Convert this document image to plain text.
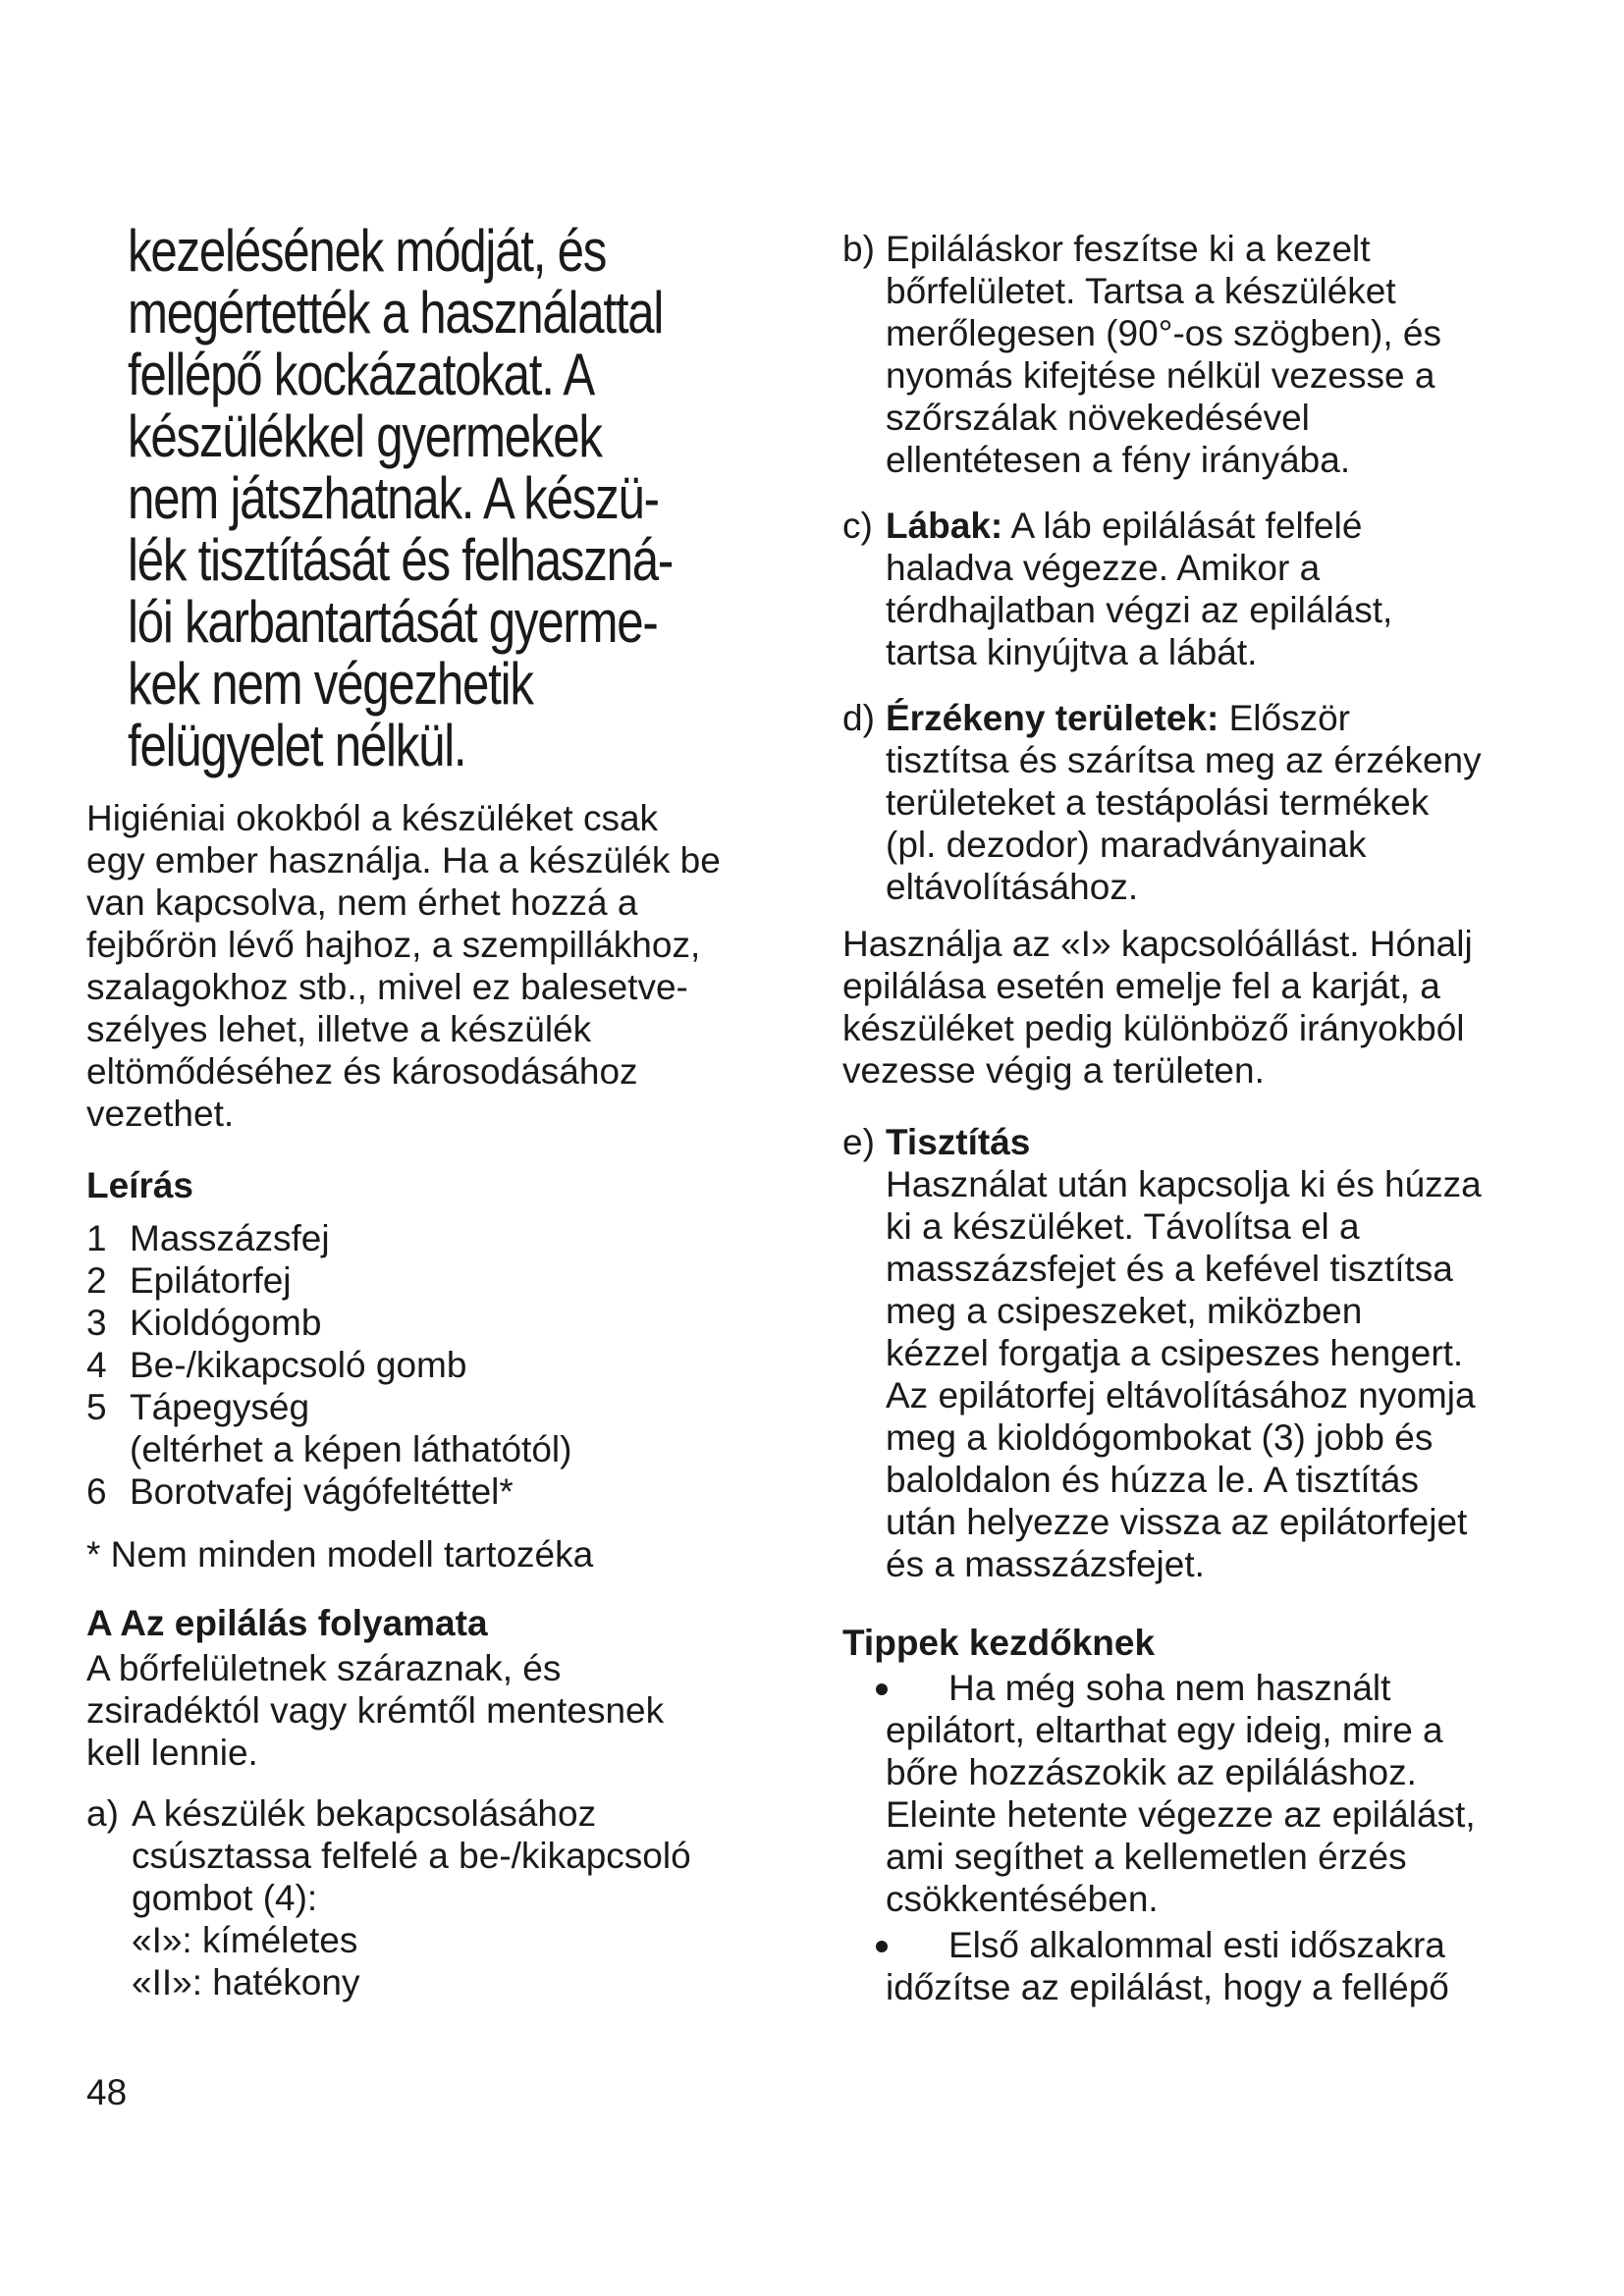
kezelésének módját, és
megértették a használattal
fellépő kockázatokat. A
készülékkel gyermekek
nem játszhatnak. A készü-
lék tisztítását és felhaszná-
lói karbantartását gyerme-
kek nem végezhetik
felügyelet nélkül.
Higiéniai okokból a készüléket csak
egy ember használja. Ha a készülék be
van kapcsolva, nem érhet hozzá a
fejbőrön lévő hajhoz, a szempillákhoz,
szalagokhoz stb., mivel ez balesetve-
szélyes lehet, illetve a készülék
eltömődéséhez és károsodásához
vezethet.
Leírás
1 Masszázsfej
2 Epilátorfej
3 Kioldógomb
4 Be-/kikapcsoló gomb
5 Tápegység
(eltérhet a képen láthatótól)
6 Borotvafej vágófeltéttel*
* Nem minden modell tartozéka
A Az epilálás folyamata
A bőrfelületnek száraznak, és
zsiradéktól vagy krémtől mentesnek
kell lennie.
a) A készülék bekapcsolásához
csúsztassa felfelé a be-/kikapcsoló
gombot (4):
«I»: kíméletes
«II»: hatékony
48
b) Epiláláskor feszítse ki a kezelt
bőrfelületet. Tartsa a készüléket
merőlegesen (90°-os szögben), és
nyomás kifejtése nélkül vezesse a
szőrszálak növekedésével
ellentétesen a fény irányába.
c) Lábak: A láb epilálását felfelé
haladva végezze. Amikor a
térdhajlatban végzi az epilálást,
tartsa kinyújtva a lábát.
d) Érzékeny területek: Először
tisztítsa és szárítsa meg az érzékeny
területeket a testápolási termékek
(pl. dezodor) maradványainak
eltávolításához.
Használja az «I» kapcsolóállást. Hónalj
epilálása esetén emelje fel a karját, a
készüléket pedig különböző irányokból
vezesse végig a területen.
e) Tisztítás
Használat után kapcsolja ki és húzza
ki a készüléket. Távolítsa el a
masszázsfejet és a kefével tisztítsa
meg a csipeszeket, miközben
kézzel forgatja a csipeszes hengert.
Az epilátorfej eltávolításához nyomja
meg a kioldógombokat (3) jobb és
baloldalon és húzza le. A tisztítás
után helyezze vissza az epilátorfejet
és a masszázsfejet.
Tippek kezdőknek
Ha még soha nem használt
epilátort, eltarthat egy ideig, mire a
bőre hozzászokik az epiláláshoz.
Eleinte hetente végezze az epilálást,
ami segíthet a kellemetlen érzés
csökkentésében.
Első alkalommal esti időszakra
időzítse az epilálást, hogy a fellépő
